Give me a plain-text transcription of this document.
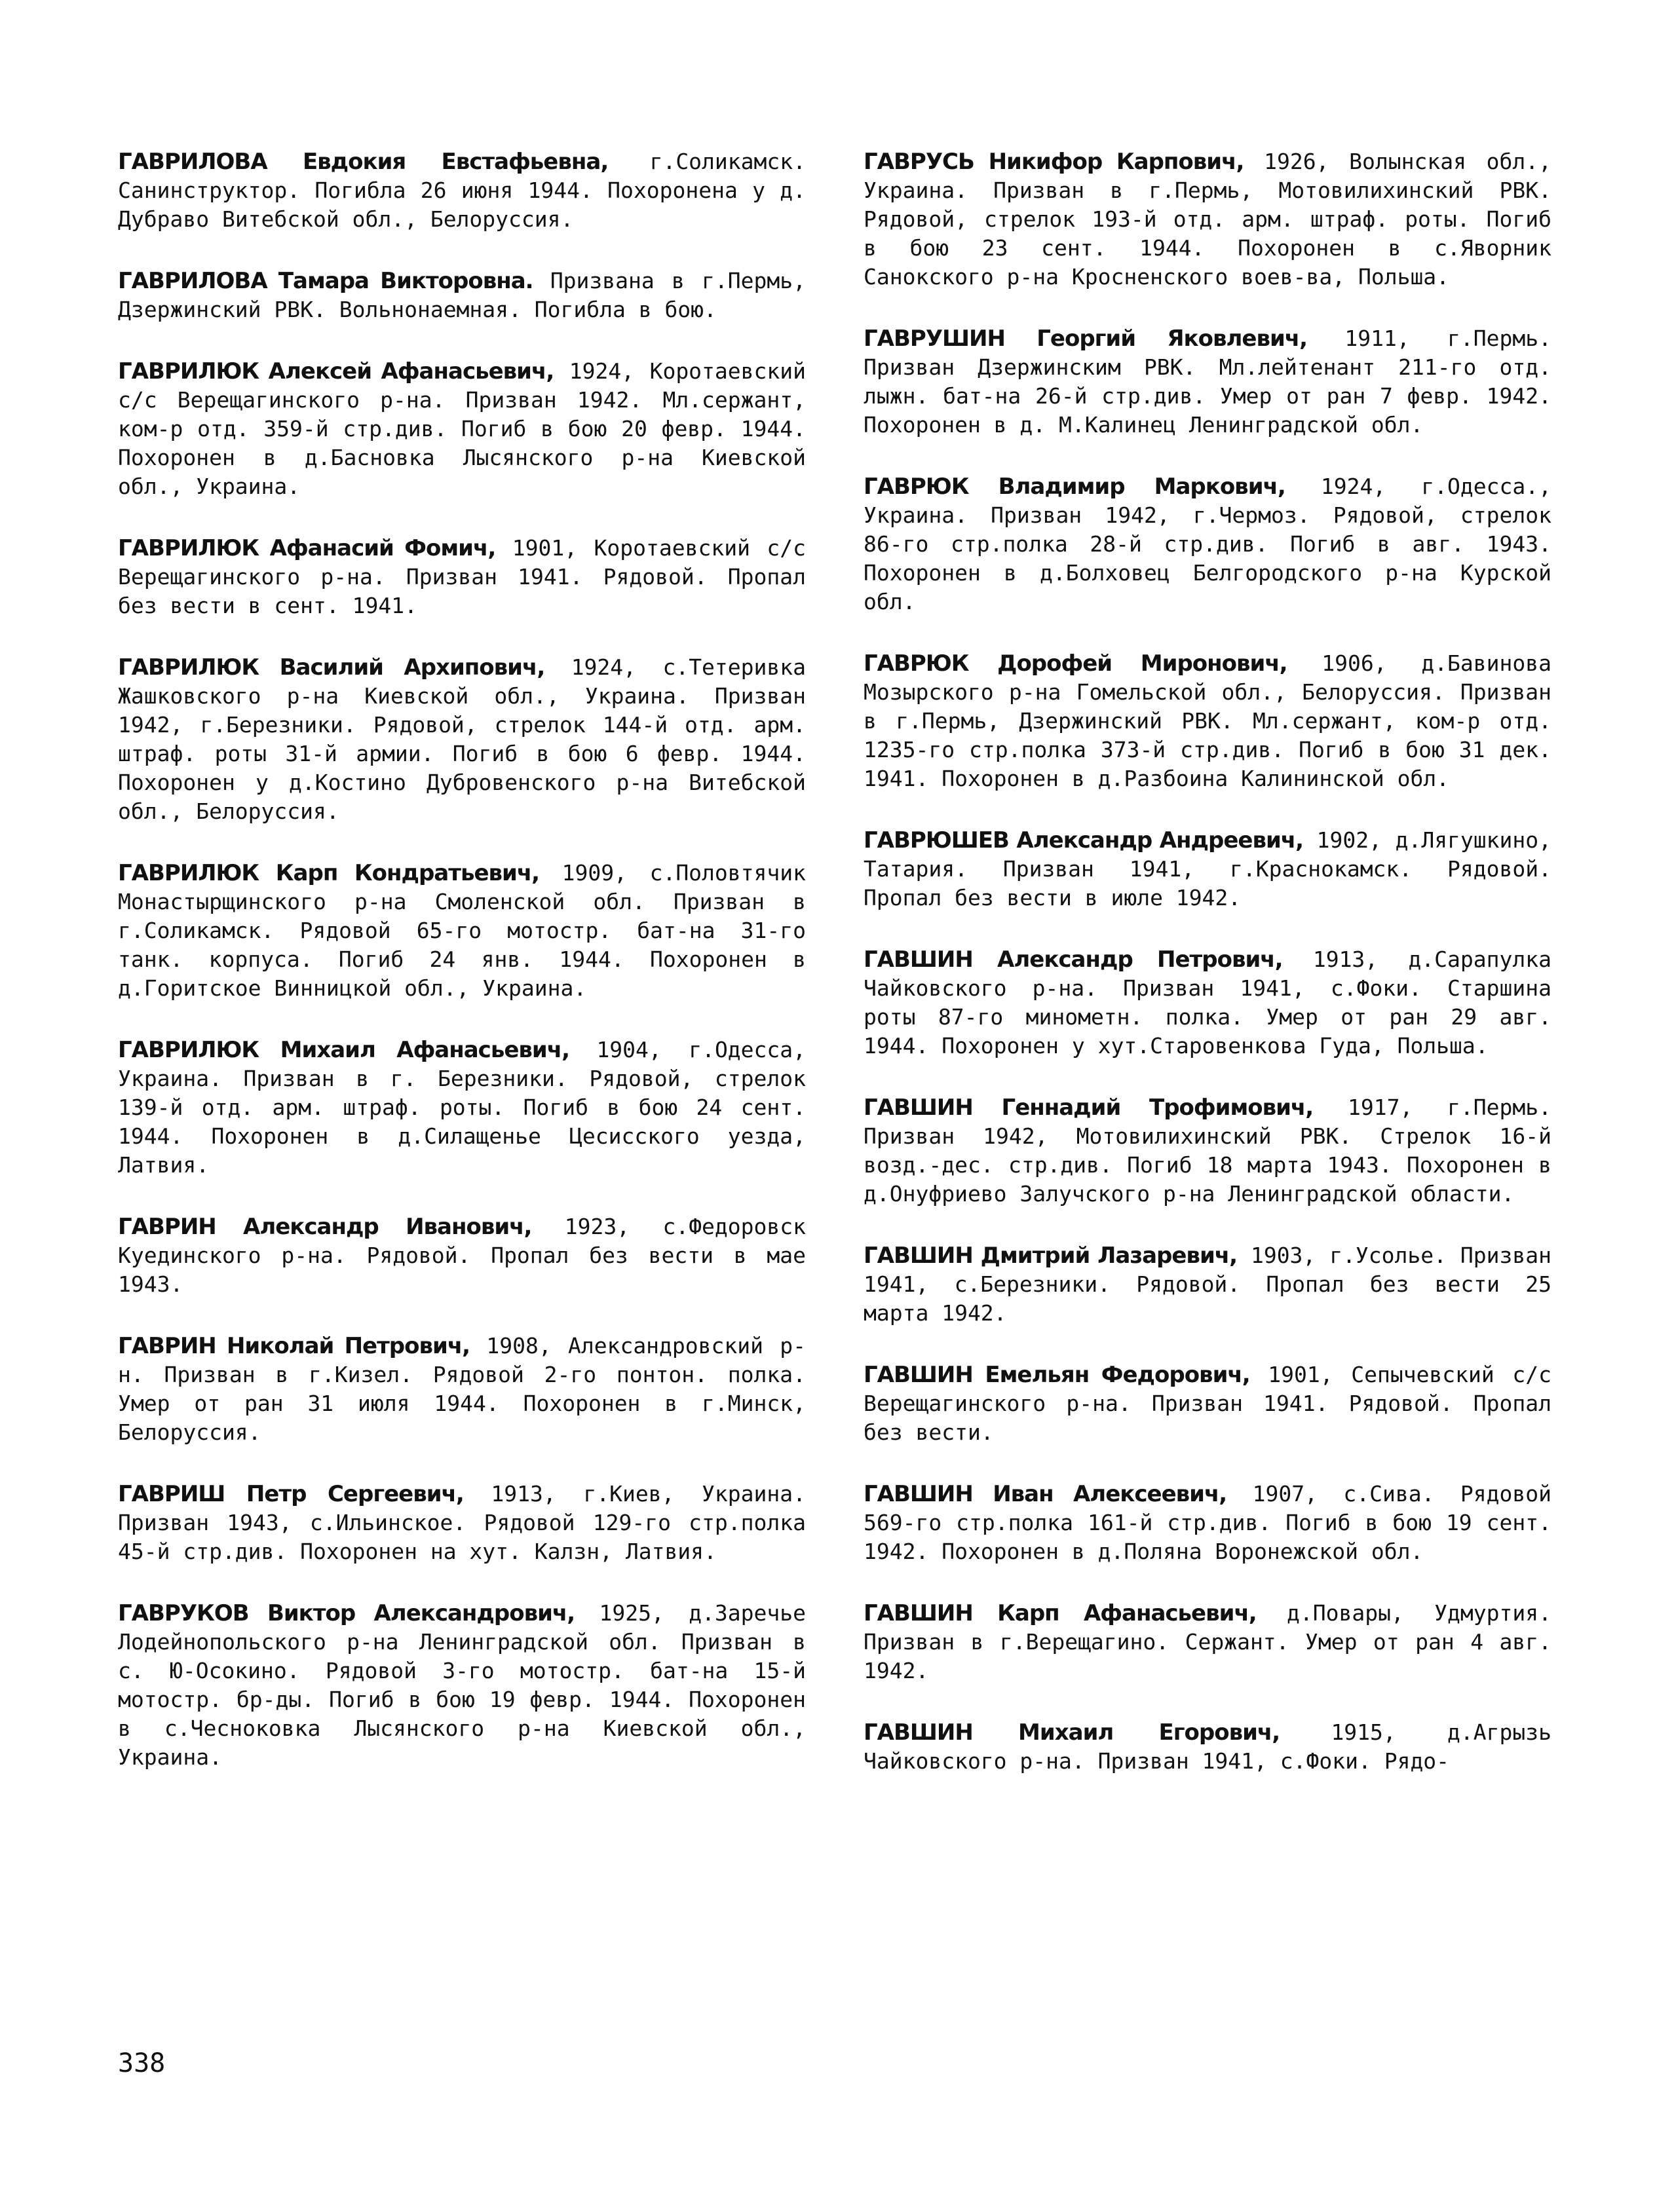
ГАВРИЛОВА Евдокия Евстафьевна, г.Соликамск. Санинструктор. Погибла 26 июня 1944. Похоронена у д. Дубраво Витебской обл., Белоруссия.

ГАВРИЛОВА Тамара Викторовна. Призвана в г.Пермь, Дзержинский РВК. Вольнонаемная. Погибла в бою.

ГАВРИЛЮК Алексей Афанасьевич, 1924, Коротаевский с/с Верещагинского р-на. Призван 1942. Мл.сержант, ком-р отд. 359-й стр.див. Погиб в бою 20 февр. 1944. Похоронен в д.Басновка Лысянского р-на Киевской обл., Украина.

ГАВРИЛЮК Афанасий Фомич, 1901, Коротаевский с/с Верещагинского р-на. Призван 1941. Рядовой. Пропал без вести в сент. 1941.

ГАВРИЛЮК Василий Архипович, 1924, с.Тетеривка Жашковского р-на Киевской обл., Украина. Призван 1942, г.Березники. Рядовой, стрелок 144-й отд. арм. штраф. роты 31-й армии. Погиб в бою 6 февр. 1944. Похоронен у д.Костино Дубровенского р-на Витебской обл., Белоруссия.

ГАВРИЛЮК Карп Кондратьевич, 1909, с.Половтячик Монастырщинского р-на Смоленской обл. Призван в г.Соликамск. Рядовой 65-го мотостр. бат-на 31-го танк. корпуса. Погиб 24 янв. 1944. Похоронен в д.Горитское Винницкой обл., Украина.

ГАВРИЛЮК Михаил Афанасьевич, 1904, г.Одесса, Украина. Призван в г. Березники. Рядовой, стрелок 139-й отд. арм. штраф. роты. Погиб в бою 24 сент. 1944. Похоронен в д.Силащенье Цесисского уезда, Латвия.

ГАВРИН Александр Иванович, 1923, с.Федоровск Куединского р-на. Рядовой. Пропал без вести в мае 1943.

ГАВРИН Николай Петрович, 1908, Александровский р-н. Призван в г.Кизел. Рядовой 2-го понтон. полка. Умер от ран 31 июля 1944. Похоронен в г.Минск, Белоруссия.

ГАВРИШ Петр Сергеевич, 1913, г.Киев, Украина. Призван 1943, с.Ильинское. Рядовой 129-го стр.полка 45-й стр.див. Похоронен на хут. Калзн, Латвия.

ГАВРУКОВ Виктор Александрович, 1925, д.Заречье Лодейнопольского р-на Ленинградской обл. Призван в с. Ю-Осокино. Рядовой 3-го мотостр. бат-на 15-й мотостр. бр-ды. Погиб в бою 19 февр. 1944. Похоронен в с.Чесноковка Лысянского р-на Киевской обл., Украина.

ГАВРУСЬ Никифор Карпович, 1926, Волынская обл., Украина. Призван в г.Пермь, Мотовилихинский РВК. Рядовой, стрелок 193-й отд. арм. штраф. роты. Погиб в бою 23 сент. 1944. Похоронен в с.Яворник Санокского р-на Кросненского воев-ва, Польша.

ГАВРУШИН Георгий Яковлевич, 1911, г.Пермь. Призван Дзержинским РВК. Мл.лейтенант 211-го отд. лыжн. бат-на 26-й стр.див. Умер от ран 7 февр. 1942. Похоронен в д. М.Калинец Ленинградской обл.

ГАВРЮК Владимир Маркович, 1924, г.Одесса., Украина. Призван 1942, г.Чермоз. Рядовой, стрелок 86-го стр.полка 28-й стр.див. Погиб в авг. 1943. Похоронен в д.Болховец Белгородского р-на Курской обл.

ГАВРЮК Дорофей Миронович, 1906, д.Бавинова Мозырского р-на Гомельской обл., Белоруссия. Призван в г.Пермь, Дзержинский РВК. Мл.сержант, ком-р отд. 1235-го стр.полка 373-й стр.див. Погиб в бою 31 дек. 1941. Похоронен в д.Разбоина Калининской обл.

ГАВРЮШЕВ Александр Андреевич, 1902, д.Лягушкино, Татария. Призван 1941, г.Краснокамск. Рядовой. Пропал без вести в июле 1942.

ГАВШИН Александр Петрович, 1913, д.Сарапулка Чайковского р-на. Призван 1941, с.Фоки. Старшина роты 87-го минометн. полка. Умер от ран 29 авг. 1944. Похоронен у хут.Старовенкова Гуда, Польша.

ГАВШИН Геннадий Трофимович, 1917, г.Пермь. Призван 1942, Мотовилихинский РВК. Стрелок 16-й возд.-дес. стр.див. Погиб 18 марта 1943. Похоронен в д.Онуфриево Залучского р-на Ленинградской области.

ГАВШИН Дмитрий Лазаревич, 1903, г.Усолье. Призван 1941, с.Березники. Рядовой. Пропал без вести 25 марта 1942.

ГАВШИН Емельян Федорович, 1901, Сепычевский с/с Верещагинского р-на. Призван 1941. Рядовой. Пропал без вести.

ГАВШИН Иван Алексеевич, 1907, с.Сива. Рядовой 569-го стр.полка 161-й стр.див. Погиб в бою 19 сент. 1942. Похоронен в д.Поляна Воронежской обл.

ГАВШИН Карп Афанасьевич, д.Повары, Удмуртия. Призван в г.Верещагино. Сержант. Умер от ран 4 авг. 1942.

ГАВШИН Михаил Егорович, 1915, д.Агрызь Чайковского р-на. Призван 1941, с.Фоки. Рядо-

338
